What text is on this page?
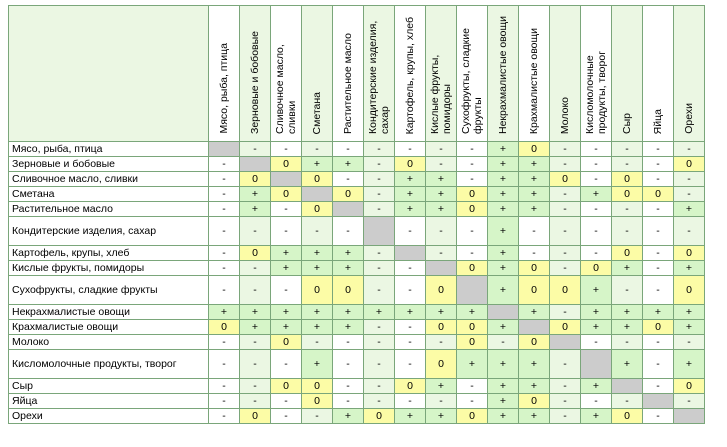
	Мясо, рыба, птица	Зерновые и бобовые	Сливочное масло, сливки	Сметана	Растительное масло	Кондитерские изделия, сахар	Картофель, крупы, хлеб	Кислые фрукты, помидоры	Сухофрукты, сладкие фрукты	Некрахмалистые овощи	Крахмалистые овощи	Молоко	Кисломолочные продукты, творог	Сыр	Яйца	Орехи
Мясо, рыба, птица		-	-	-	-	-	-	-	-	+	0	-	-	-	-	-
Зерновые и бобовые	-		0	+	+	-	0	-	-	+	+	-	-	-	-	0
Сливочное масло, сливки	-	0		0	-	-	+	+	-	+	+	0	-	0	-	-
Сметана	-	+	0		0	-	+	+	0	+	+	-	+	0	0	-
Растительное масло	-	+	-	0		-	+	+	0	+	+	-	-	-	-	+
Кондитерские изделия, сахар	-	-	-	-	-		-	-	-	+	-	-	-	-	-	-
Картофель, крупы, хлеб	-	0	+	+	+	-		-	-	+	-	-	-	0	-	0
Кислые фрукты, помидоры	-	-	+	+	+	-	-		0	+	0	-	0	+	-	+
Сухофрукты, сладкие фрукты	-	-	-	0	0	-	-	0		+	0	0	+	-	-	0
Некрахмалистые овощи	+	+	+	+	+	+	+	+	+		+	-	+	+	+	+
Крахмалистые овощи	0	+	+	+	+	-	-	0	0	+		0	+	+	0	+
Молоко	-	-	0	-	-	-	-	-	0	-	0		-	-	-	-
Кисломолочные продукты, творог	-	-	-	+	-	-	-	0	+	+	+	-		+	-	+
Сыр	-	-	0	0	-	-	0	+	-	+	+	-	+		-	0
Яйца	-	-	-	0	-	-	-	-	-	+	0	-	-	-		-
Орехи	-	0	-	-	+	0	+	+	0	+	+	-	+	0	-	
